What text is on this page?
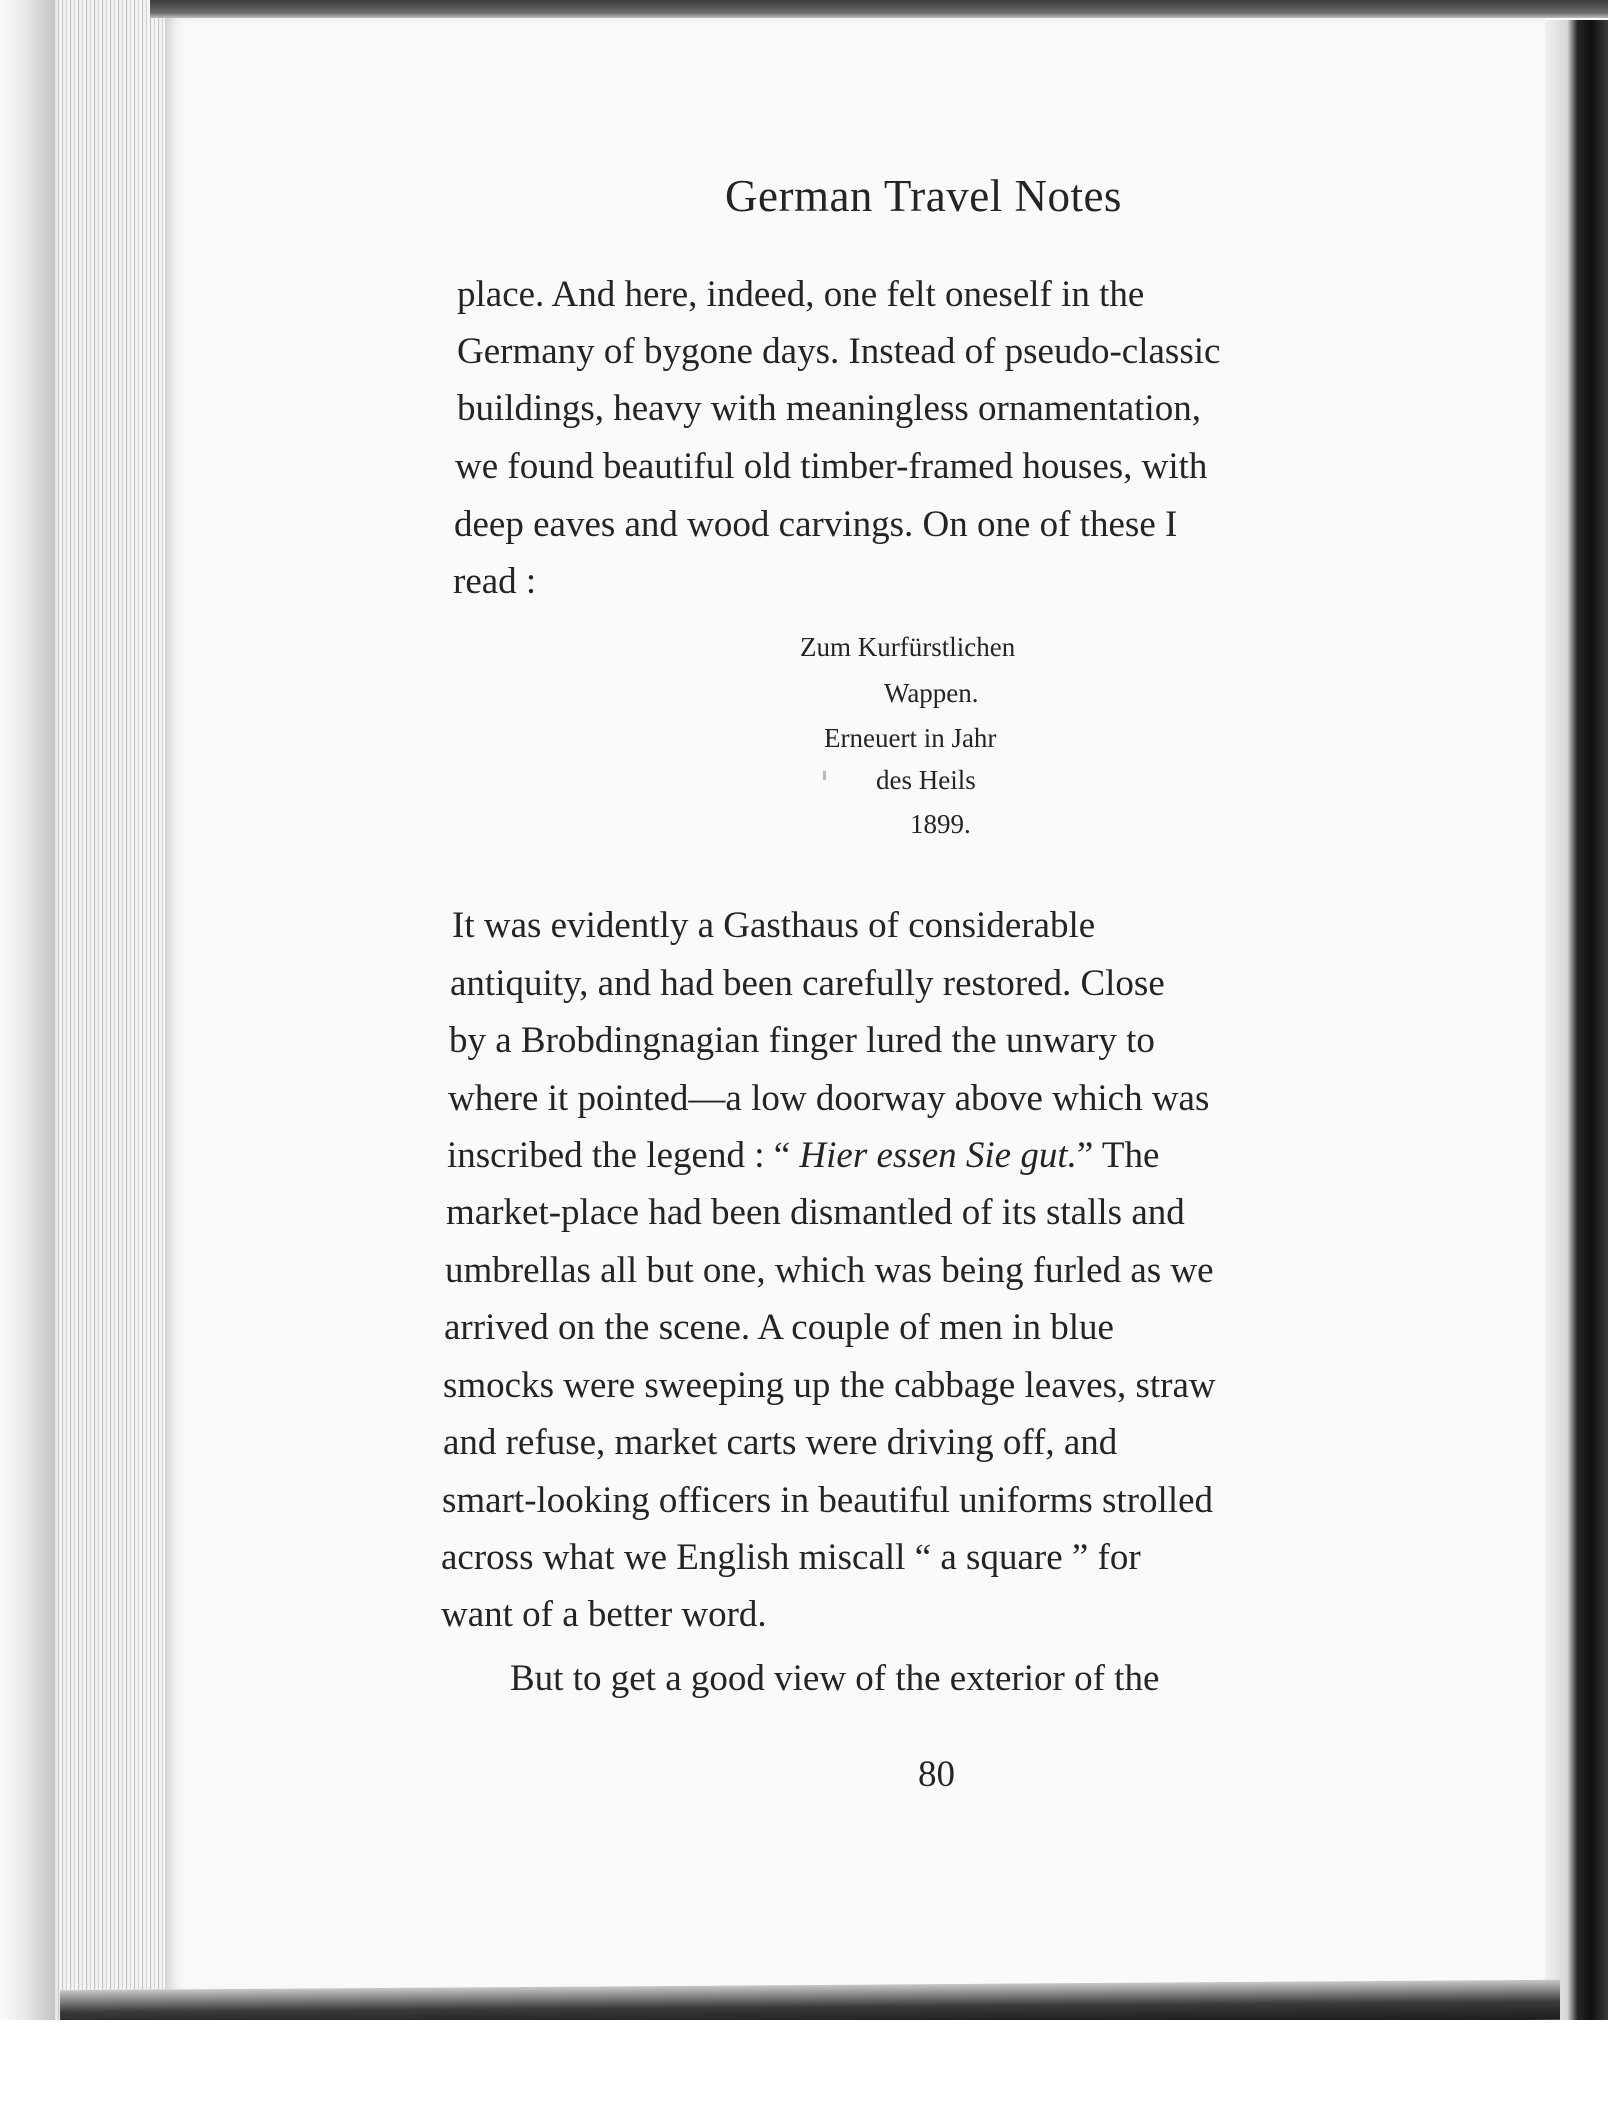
German Travel Notes
place. And here, indeed, one felt oneself in the
Germany of bygone days. Instead of pseudo-classic
buildings, heavy with meaningless ornamentation,
we found beautiful old timber-framed houses, with
deep eaves and wood carvings. On one of these I
read :
Zum Kurfürstlichen
Wappen.
Erneuert in Jahr
des Heils
1899.
It was evidently a Gasthaus of considerable
antiquity, and had been carefully restored. Close
by a Brobdingnagian finger lured the unwary to
where it pointed—a low doorway above which was
inscribed the legend : “ Hier essen Sie gut.” The
market-place had been dismantled of its stalls and
umbrellas all but one, which was being furled as we
arrived on the scene. A couple of men in blue
smocks were sweeping up the cabbage leaves, straw
and refuse, market carts were driving off, and
smart-looking officers in beautiful uniforms strolled
across what we English miscall “ a square ” for
want of a better word.
But to get a good view of the exterior of the
80
